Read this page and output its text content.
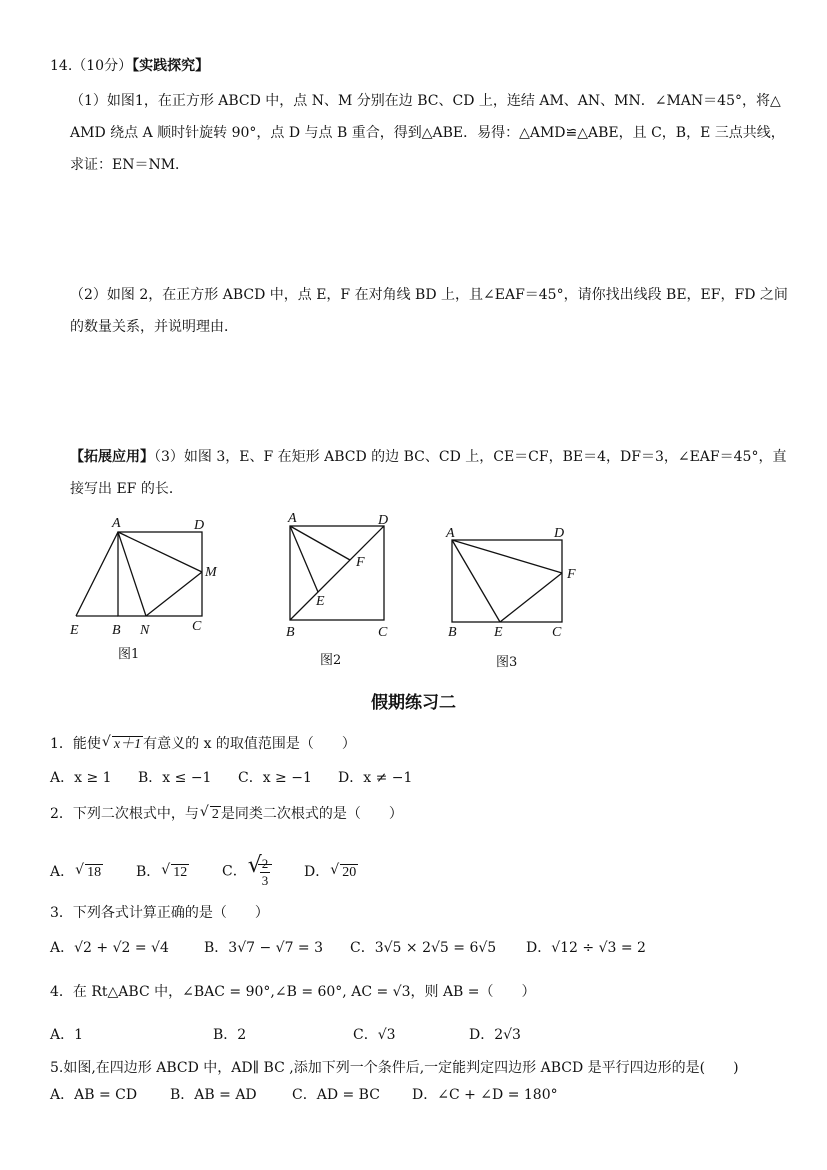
14.（10分）【实践探究】
（1）如图1，在正方形 ABCD 中，点 N、M 分别在边 BC、CD 上，连结 AM、AN、MN．∠MAN＝45°，将△
AMD 绕点 A 顺时针旋转 90°，点 D 与点 B 重合，得到△ABE．易得：△AMD≌△ABE，且 C，B，E 三点共线，
求证：EN＝NM．
（2）如图 2，在正方形 ABCD 中，点 E，F 在对角线 BD 上，且∠EAF＝45°，请你找出线段 BE，EF，FD 之间
的数量关系，并说明理由．
【拓展应用】（3）如图 3，E、F 在矩形 ABCD 的边 BC、CD 上，CE＝CF，BE＝4，DF＝3，∠EAF＝45°，直
接写出 EF 的长．
A	D
M
E B N	C
图1
A	D
F
E
B	C
图2
A	D
F
B	E	C
图3
假期练习二
1．能使 √ x＋1 有意义的 x 的取值范围是（　　）
A．x ≥ 1 B．x ≤ −1 C．x ≥ −1 D．x ≠ −1
2．下列二次根式中，与 √ 2 是同类二次根式的是（　　）
A． √ 18 B． √ 12 C． √ $\frac{2}{3}$ D． √ 20
3．下列各式计算正确的是（　　）
A．√2 + √2 = √4	B．3√7 − √7 = 3 C．3√5 × 2√5 = 6√5 D．√12 ÷ √3 = 2
4．在 Rt△ABC 中，∠BAC = 90°,∠B = 60°, AC = √3，则 AB =（　　）
A．1	B．2	C．√3	D．2√3
5.如图,在四边形 ABCD 中，AD∥ BC ,添加下列一个条件后,一定能判定四边形 ABCD 是平行四边形的是(　　)
A．AB = CD B．AB = AD	C．AD = BC D．∠C + ∠D = 180°
